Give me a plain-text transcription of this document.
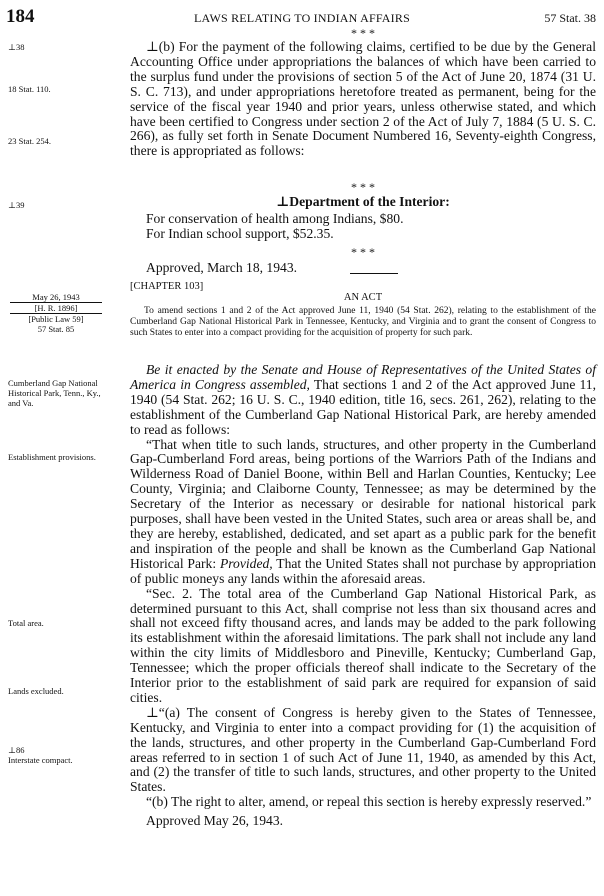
184	LAWS RELATING TO INDIAN AFFAIRS	57 Stat. 38
* * *
⊥38
18 Stat. 110.
23 Stat. 254.
⊥39
May 26, 1943
[H. R. 1896]
[Public Law 59]
57 Stat. 85
Cumberland Gap National Historical Park, Tenn., Ky., and Va.
Establishment provisions.
Total area.
Lands excluded.
⊥86
Interstate compact.

⊥(b) For the payment of the following claims, certified to be due by the General Accounting Office under appropriations the balances of which have been carried to the surplus fund under the provisions of section 5 of the Act of June 20, 1874 (31 U. S. C. 713), and under appropriations heretofore treated as permanent, being for the service of the fiscal year 1940 and prior years, unless otherwise stated, and which have been certified to Congress under section 2 of the Act of July 7, 1884 (5 U. S. C. 266), as fully set forth in Senate Document Numbered 16, Seventy-eighth Congress, there is appropriated as follows:

* * *
⊥Department of the Interior:
For conservation of health among Indians, $80.
For Indian school support, $52.35.
* * *
Approved, March 18, 1943.
[CHAPTER 103]
AN ACT
To amend sections 1 and 2 of the Act approved June 11, 1940 (54 Stat. 262), relating to the establishment of the Cumberland Gap National Historical Park in Tennessee, Kentucky, and Virginia and to grant the consent of Congress to such States to enter into a compact providing for the acquisition of property for such park.

Be it enacted by the Senate and House of Representatives of the United States of America in Congress assembled, That sections 1 and 2 of the Act approved June 11, 1940 (54 Stat. 262; 16 U. S. C., 1940 edition, title 16, secs. 261, 262), relating to the establishment of the Cumberland Gap National Historical Park, are hereby amended to read as follows:

“That when title to such lands, structures, and other property in the Cumberland Gap-Cumberland Ford areas, being portions of the Warriors Path of the Indians and Wilderness Road of Daniel Boone, within Bell and Harlan Counties, Kentucky; Lee County, Virginia; and Claiborne County, Tennessee; as may be determined by the Secretary of the Interior as necessary or desirable for national historical park purposes, shall have been vested in the United States, such area or areas shall be, and they are hereby, established, dedicated, and set apart as a public park for the benefit and inspiration of the people and shall be known as the Cumberland Gap National Historical Park: Provided, That the United States shall not purchase by appropriation of public moneys any lands within the aforesaid areas.

“Sec. 2. The total area of the Cumberland Gap National Historical Park, as determined pursuant to this Act, shall comprise not less than six thousand acres and shall not exceed fifty thousand acres, and lands may be added to the park following its establishment within the aforesaid limitations. The park shall not include any land within the city limits of Middlesboro and Pineville, Kentucky; Cumberland Gap, Tennessee; which the proper officials thereof shall indicate to the Secretary of the Interior prior to the establishment of said park are required for expansion of said cities.

⊥“(a) The consent of Congress is hereby given to the States of Tennessee, Kentucky, and Virginia to enter into a compact providing for (1) the acquisition of the lands, structures, and other property in the Cumberland Gap-Cumberland Ford areas referred to in section 1 of such Act of June 11, 1940, as amended by this Act, and (2) the transfer of title to such lands, structures, and other property to the United States.

“(b) The right to alter, amend, or repeal this section is hereby expressly reserved.”

Approved May 26, 1943.
